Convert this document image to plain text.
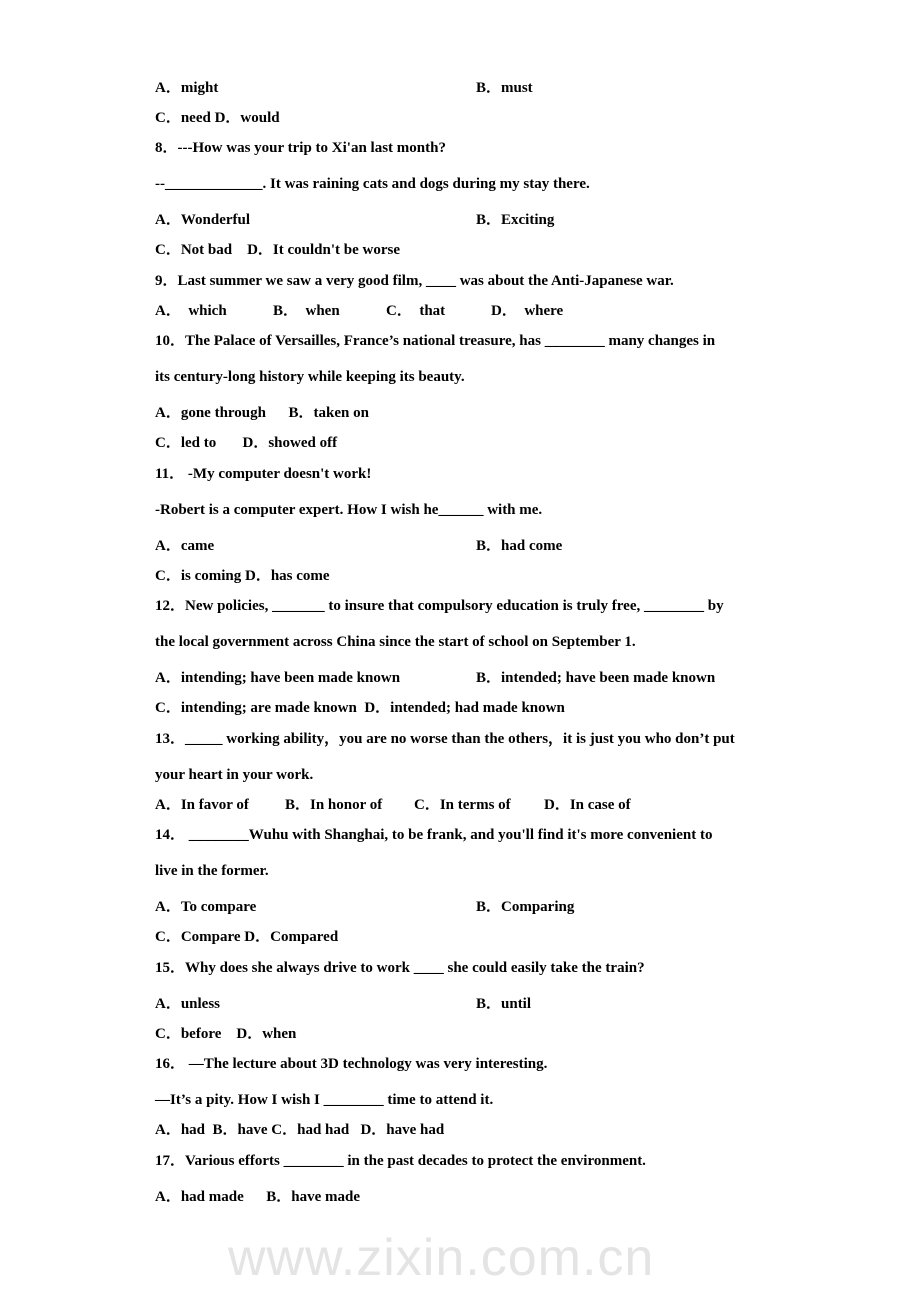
A．might	B．must
C．need D．would
8．---How was your trip to Xi'an last month?
--_____________. It was raining cats and dogs during my stay there.
A．Wonderful	B．Exciting
C．Not bad    D．It couldn't be worse
9．Last summer we saw a very good film, ____ was about the Anti-Japanese war.
A．  which	B．  when	C．  that	D．  where
10．The Palace of Versailles, France’s national treasure, has ________ many changes in
its century-long history while keeping its beauty.
A．gone through      B．taken on
C．led to       D．showed off
11． -My computer doesn't work!
-Robert is a computer expert. How I wish he______ with me.
A．came	B．had come
C．is coming D．has come
12．New policies, _______ to insure that compulsory education is truly free, ________ by
the local government across China since the start of school on September 1.
A．intending; have been made known	B．intended; have been made known
C．intending; are made known  D．intended; had made known
13．_____ working ability，you are no worse than the others，it is just you who don’t put
your heart in your work.
A．In favor of B．In honor of C．In terms of D．In case of
14． ________Wuhu with Shanghai, to be frank, and you'll find it's more convenient to
live in the former.
A．To compare	B．Comparing
C．Compare D．Compared
15．Why does she always drive to work ____ she could easily take the train?
A．unless	B．until
C．before    D．when
16． —The lecture about 3D technology was very interesting.
—It’s a pity. How I wish I ________ time to attend it.
A．had  B．have C．had had   D．have had
17．Various efforts ________ in the past decades to protect the environment.
A．had made      B．have made
www.zixin.com.cn
